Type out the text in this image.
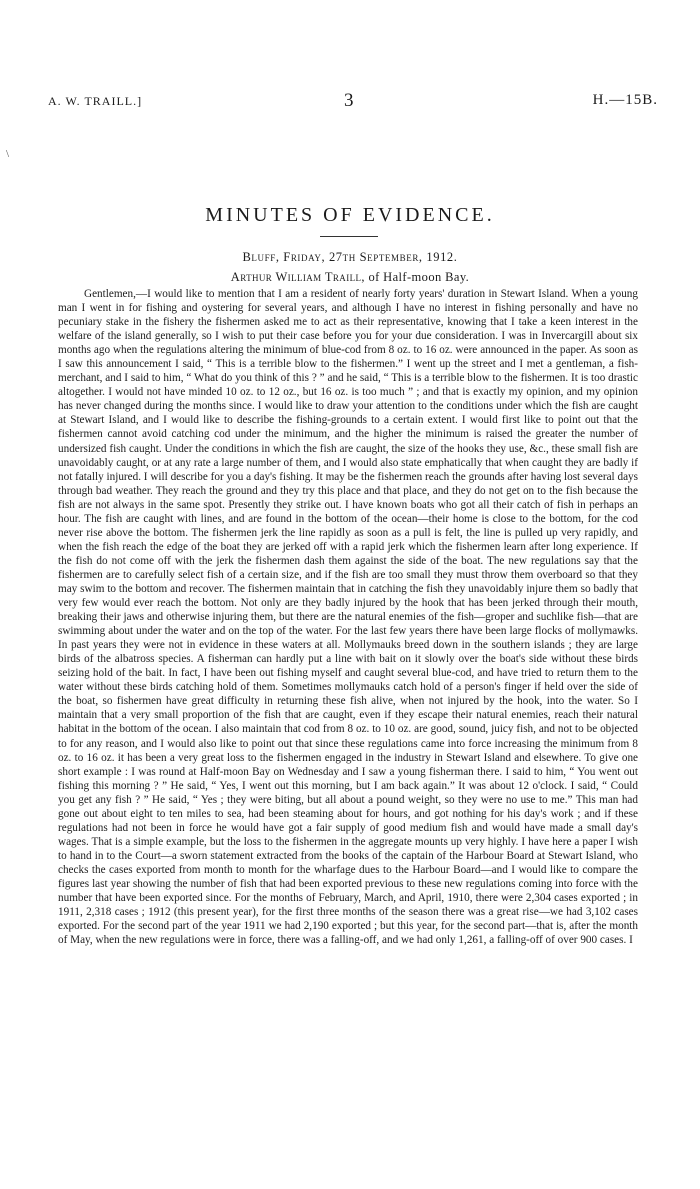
A. W. TRAILL.]	3	H.—15B.
\
MINUTES OF EVIDENCE.
Bluff, Friday, 27th September, 1912.
Arthur William Traill, of Half-moon Bay.

Gentlemen,—I would like to mention that I am a resident of nearly forty years' duration in Stewart Island. When a young man I went in for fishing and oystering for several years, and although I have no interest in fishing personally and have no pecuniary stake in the fishery the fishermen asked me to act as their representative, knowing that I take a keen interest in the welfare of the island generally, so I wish to put their case before you for your due consideration. I was in Invercargill about six months ago when the regulations altering the minimum of blue-cod from 8 oz. to 16 oz. were announced in the paper. As soon as I saw this announcement I said, “ This is a terrible blow to the fishermen.” I went up the street and I met a gentleman, a fish-merchant, and I said to him, “ What do you think of this ? ” and he said, “ This is a terrible blow to the fishermen. It is too drastic altogether. I would not have minded 10 oz. to 12 oz., but 16 oz. is too much ” ; and that is exactly my opinion, and my opinion has never changed during the months since. I would like to draw your attention to the conditions under which the fish are caught at Stewart Island, and I would like to describe the fishing-grounds to a certain extent. I would first like to point out that the fishermen cannot avoid catching cod under the minimum, and the higher the minimum is raised the greater the number of undersized fish caught. Under the conditions in which the fish are caught, the size of the hooks they use, &c., these small fish are unavoidably caught, or at any rate a large number of them, and I would also state emphatically that when caught they are badly if not fatally injured. I will describe for you a day's fishing. It may be the fishermen reach the grounds after having lost several days through bad weather. They reach the ground and they try this place and that place, and they do not get on to the fish because the fish are not always in the same spot. Presently they strike out. I have known boats who got all their catch of fish in perhaps an hour. The fish are caught with lines, and are found in the bottom of the ocean—their home is close to the bottom, for the cod never rise above the bottom. The fishermen jerk the line rapidly as soon as a pull is felt, the line is pulled up very rapidly, and when the fish reach the edge of the boat they are jerked off with a rapid jerk which the fishermen learn after long experience. If the fish do not come off with the jerk the fishermen dash them against the side of the boat. The new regulations say that the fishermen are to carefully select fish of a certain size, and if the fish are too small they must throw them overboard so that they may swim to the bottom and recover. The fishermen maintain that in catching the fish they unavoidably injure them so badly that very few would ever reach the bottom. Not only are they badly injured by the hook that has been jerked through their mouth, breaking their jaws and otherwise injuring them, but there are the natural enemies of the fish—groper and suchlike fish—that are swimming about under the water and on the top of the water. For the last few years there have been large flocks of mollymawks. In past years they were not in evidence in these waters at all. Mollymauks breed down in the southern islands ; they are large birds of the albatross species. A fisherman can hardly put a line with bait on it slowly over the boat's side without these birds seizing hold of the bait. In fact, I have been out fishing myself and caught several blue-cod, and have tried to return them to the water without these birds catching hold of them. Sometimes mollymauks catch hold of a person's finger if held over the side of the boat, so fishermen have great difficulty in returning these fish alive, when not injured by the hook, into the water. So I maintain that a very small proportion of the fish that are caught, even if they escape their natural enemies, reach their natural habitat in the bottom of the ocean. I also maintain that cod from 8 oz. to 10 oz. are good, sound, juicy fish, and not to be objected to for any reason, and I would also like to point out that since these regulations came into force increasing the minimum from 8 oz. to 16 oz. it has been a very great loss to the fishermen engaged in the industry in Stewart Island and elsewhere. To give one short example : I was round at Half-moon Bay on Wednesday and I saw a young fisherman there. I said to him, “ You went out fishing this morning ? ” He said, “ Yes, I went out this morning, but I am back again.” It was about 12 o'clock. I said, “ Could you get any fish ? ” He said, “ Yes ; they were biting, but all about a pound weight, so they were no use to me.” This man had gone out about eight to ten miles to sea, had been steaming about for hours, and got nothing for his day's work ; and if these regulations had not been in force he would have got a fair supply of good medium fish and would have made a small day's wages. That is a simple example, but the loss to the fishermen in the aggregate mounts up very highly. I have here a paper I wish to hand in to the Court—a sworn statement extracted from the books of the captain of the Harbour Board at Stewart Island, who checks the cases exported from month to month for the wharfage dues to the Harbour Board—and I would like to compare the figures last year showing the number of fish that had been exported previous to these new regulations coming into force with the number that have been exported since. For the months of February, March, and April, 1910, there were 2,304 cases exported ; in 1911, 2,318 cases ; 1912 (this present year), for the first three months of the season there was a great rise—we had 3,102 cases exported. For the second part of the year 1911 we had 2,190 exported ; but this year, for the second part—that is, after the month of May, when the new regulations were in force, there was a falling-off, and we had only 1,261, a falling-off of over 900 cases. I
